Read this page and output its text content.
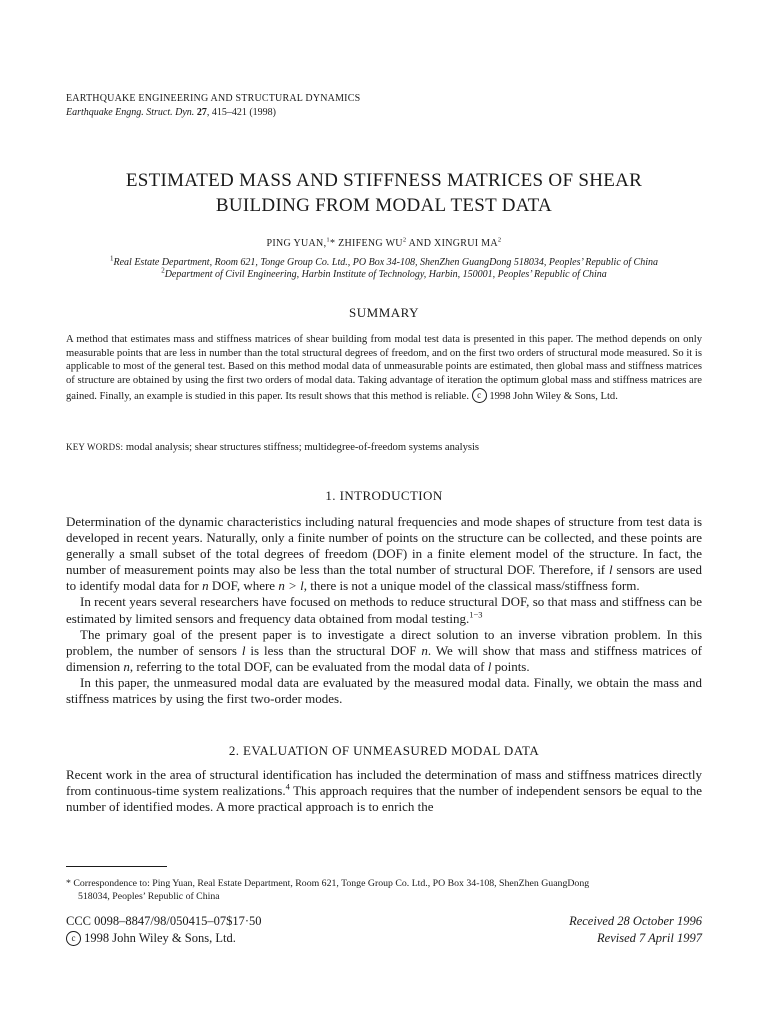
EARTHQUAKE ENGINEERING AND STRUCTURAL DYNAMICS
Earthquake Engng. Struct. Dyn. 27, 415–421 (1998)
ESTIMATED MASS AND STIFFNESS MATRICES OF SHEAR
BUILDING FROM MODAL TEST DATA
PING YUAN,$^1$* ZHIFENG $WU^2$ AND XINGRUI $MA^2$
$^1$Real Estate Department, Room 621, Tonge Group Co. Ltd., PO Box 34-108, ShenZhen GuangDong 518034, Peoples’ Republic of China
$^2$Department of Civil Engineering, Harbin Institute of Technology, Harbin, 150001, Peoples’ Republic of China
SUMMARY
A method that estimates mass and stiffness matrices of shear building from modal test data is presented in this paper. The method depends on only measurable points that are less in number than the total structural degrees of freedom, and on the first two orders of structural mode measured. So it is applicable to most of the general test. Based on this method modal data of unmeasurable points are estimated, then global mass and stiffness matrices of structure are obtained by using the first two orders of modal data. Taking advantage of iteration the optimum global mass and stiffness matrices are gained. Finally, an example is studied in this paper. Its result shows that this method is reliable. c 1998 John Wiley & Sons, Ltd.
KEY WORDS: modal analysis; shear structures stiffness; multidegree-of-freedom systems analysis
1. INTRODUCTION

Determination of the dynamic characteristics including natural frequencies and mode shapes of structure from test data is developed in recent years. Naturally, only a finite number of points on the structure can be collected, and these points are generally a small subset of the total degrees of freedom (DOF) in a finite element model of the structure. In fact, the number of measurement points may also be less than the total number of structural DOF. Therefore, if l sensors are used to identify modal data for n DOF, where n > l, there is not a unique model of the classical mass/stiffness form.

In recent years several researchers have focused on methods to reduce structural DOF, so that mass and stiffness can be estimated by limited sensors and frequency data obtained from modal testing.$^{1-3}$

The primary goal of the present paper is to investigate a direct solution to an inverse vibration problem. In this problem, the number of sensors l is less than the structural DOF n. We will show that mass and stiffness matrices of dimension n, referring to the total DOF, can be evaluated from the modal data of l points.

In this paper, the unmeasured modal data are evaluated by the measured modal data. Finally, we obtain the mass and stiffness matrices by using the first two-order modes.

2. EVALUATION OF UNMEASURED MODAL DATA

Recent work in the area of structural identification has included the determination of mass and stiffness matrices directly from continuous-time system realizations.$^4$ This approach requires that the number of independent sensors be equal to the number of identified modes. A more practical approach is to enrich the

* Correspondence to: Ping Yuan, Real Estate Department, Room 621, Tonge Group Co. Ltd., PO Box 34-108, ShenZhen GuangDong
518034, Peoples’ Republic of China
CCC 0098–8847/98/050415–07$17·50
c 1998 John Wiley & Sons, Ltd.
Received 28 October 1996
Revised 7 April 1997
